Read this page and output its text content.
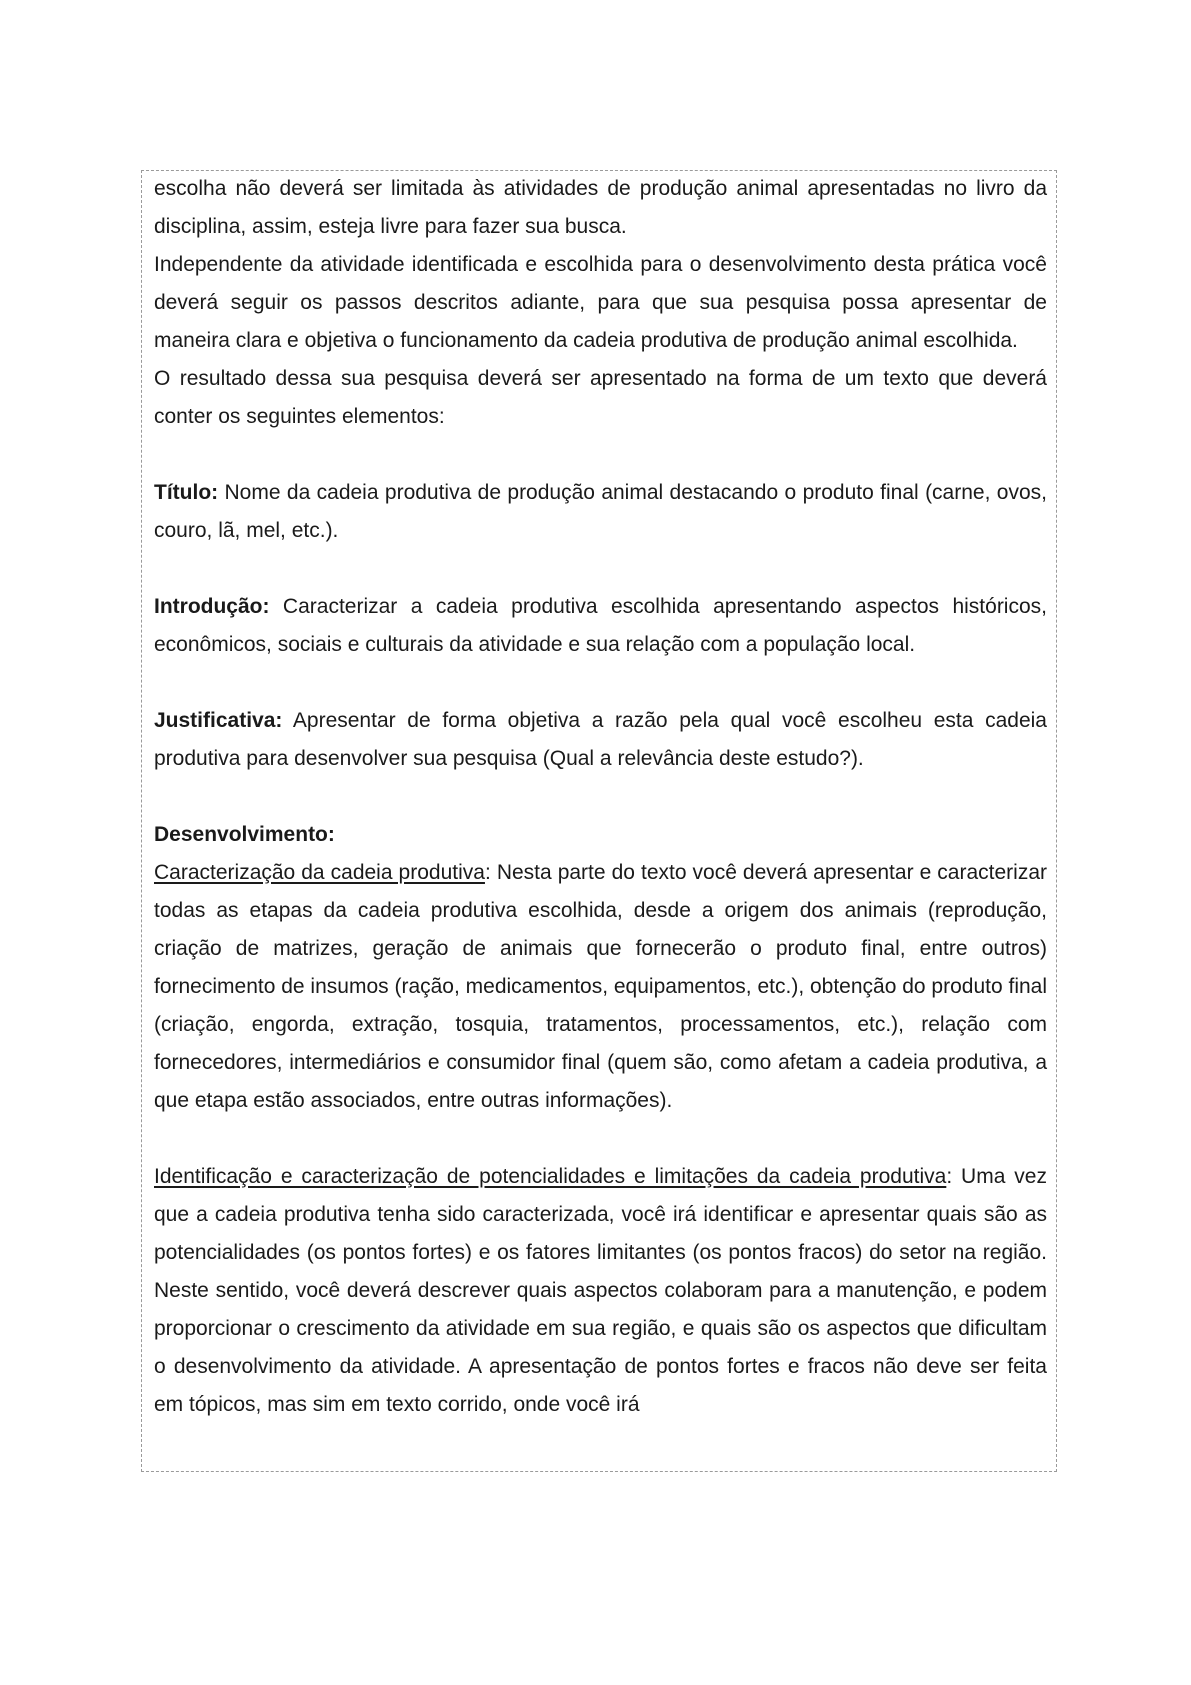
escolha não deverá ser limitada às atividades de produção animal apresentadas no livro da disciplina, assim, esteja livre para fazer sua busca.

Independente da atividade identificada e escolhida para o desenvolvimento desta prática você deverá seguir os passos descritos adiante, para que sua pesquisa possa apresentar de maneira clara e objetiva o funcionamento da cadeia produtiva de produção animal escolhida.

O resultado dessa sua pesquisa deverá ser apresentado na forma de um texto que deverá conter os seguintes elementos:

Título: Nome da cadeia produtiva de produção animal destacando o produto final (carne, ovos, couro, lã, mel, etc.).

Introdução: Caracterizar a cadeia produtiva escolhida apresentando aspectos históricos, econômicos, sociais e culturais da atividade e sua relação com a população local.

Justificativa: Apresentar de forma objetiva a razão pela qual você escolheu esta cadeia produtiva para desenvolver sua pesquisa (Qual a relevância deste estudo?).

Desenvolvimento:

Caracterização da cadeia produtiva: Nesta parte do texto você deverá apresentar e caracterizar todas as etapas da cadeia produtiva escolhida, desde a origem dos animais (reprodução, criação de matrizes, geração de animais que fornecerão o produto final, entre outros) fornecimento de insumos (ração, medicamentos, equipamentos, etc.), obtenção do produto final (criação, engorda, extração, tosquia, tratamentos, processamentos, etc.), relação com fornecedores, intermediários e consumidor final (quem são, como afetam a cadeia produtiva, a que etapa estão associados, entre outras informações).

Identificação e caracterização de potencialidades e limitações da cadeia produtiva: Uma vez que a cadeia produtiva tenha sido caracterizada, você irá identificar e apresentar quais são as potencialidades (os pontos fortes) e os fatores limitantes (os pontos fracos) do setor na região. Neste sentido, você deverá descrever quais aspectos colaboram para a manutenção, e podem proporcionar o crescimento da atividade em sua região, e quais são os aspectos que dificultam o desenvolvimento da atividade. A apresentação de pontos fortes e fracos não deve ser feita em tópicos, mas sim em texto corrido, onde você irá
